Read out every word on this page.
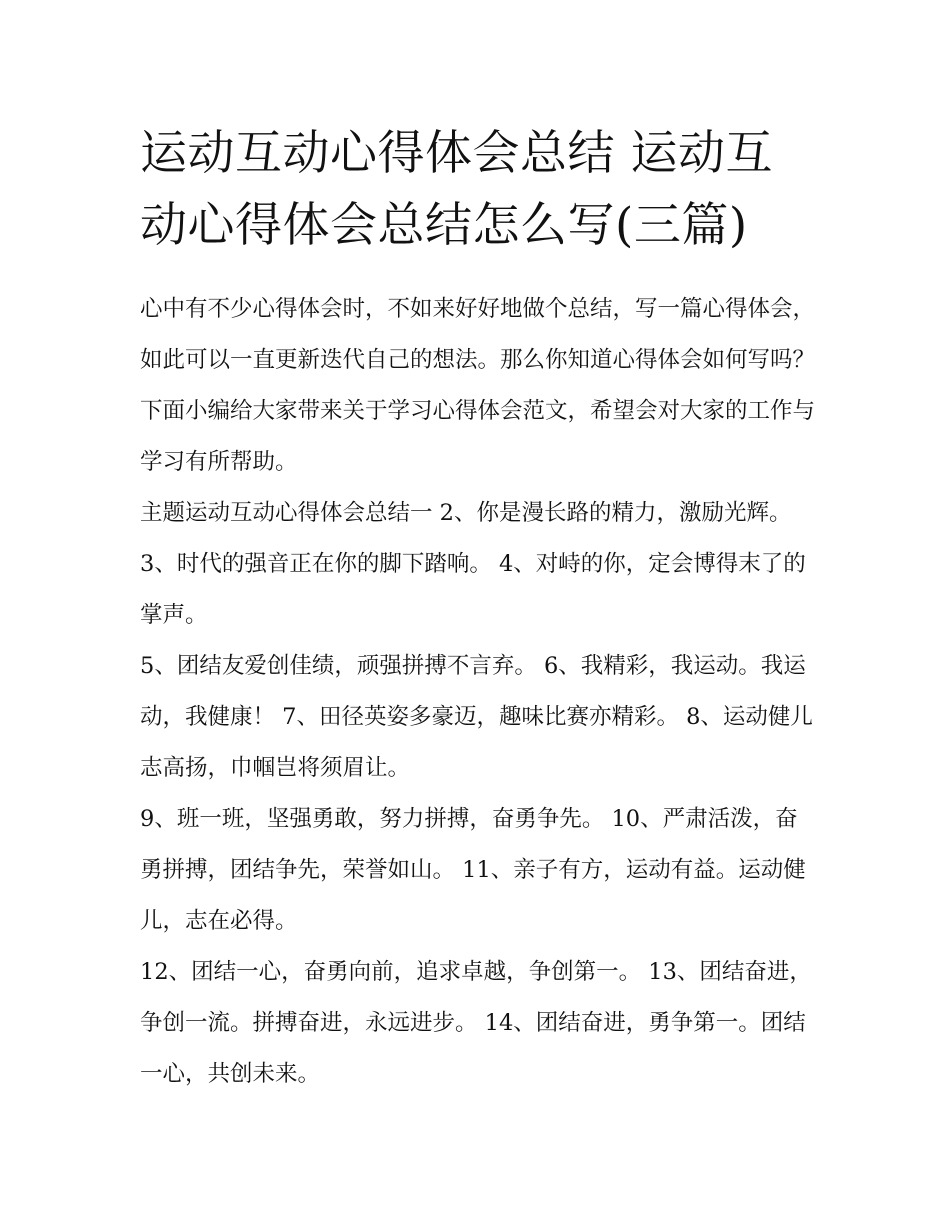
运动互动心得体会总结 运动互动心得体会总结怎么写(三篇)

心中有不少心得体会时，不如来好好地做个总结，写一篇心得体会，如此可以一直更新迭代自己的想法。那么你知道心得体会如何写吗？下面小编给大家带来关于学习心得体会范文，希望会对大家的工作与学习有所帮助。

主题运动互动心得体会总结一 2、你是漫长路的精力，激励光辉。 3、时代的强音正在你的脚下踏响。 4、对峙的你，定会博得末了的掌声。

5、团结友爱创佳绩，顽强拼搏不言弃。 6、我精彩，我运动。我运动，我健康！ 7、田径英姿多豪迈，趣味比赛亦精彩。 8、运动健儿志高扬，巾帼岂将须眉让。

9、班一班，坚强勇敢，努力拼搏，奋勇争先。 10、严肃活泼，奋勇拼搏，团结争先，荣誉如山。 11、亲子有方，运动有益。运动健儿，志在必得。

12、团结一心，奋勇向前，追求卓越，争创第一。 13、团结奋进，争创一流。拼搏奋进，永远进步。 14、团结奋进，勇争第一。团结一心，共创未来。
